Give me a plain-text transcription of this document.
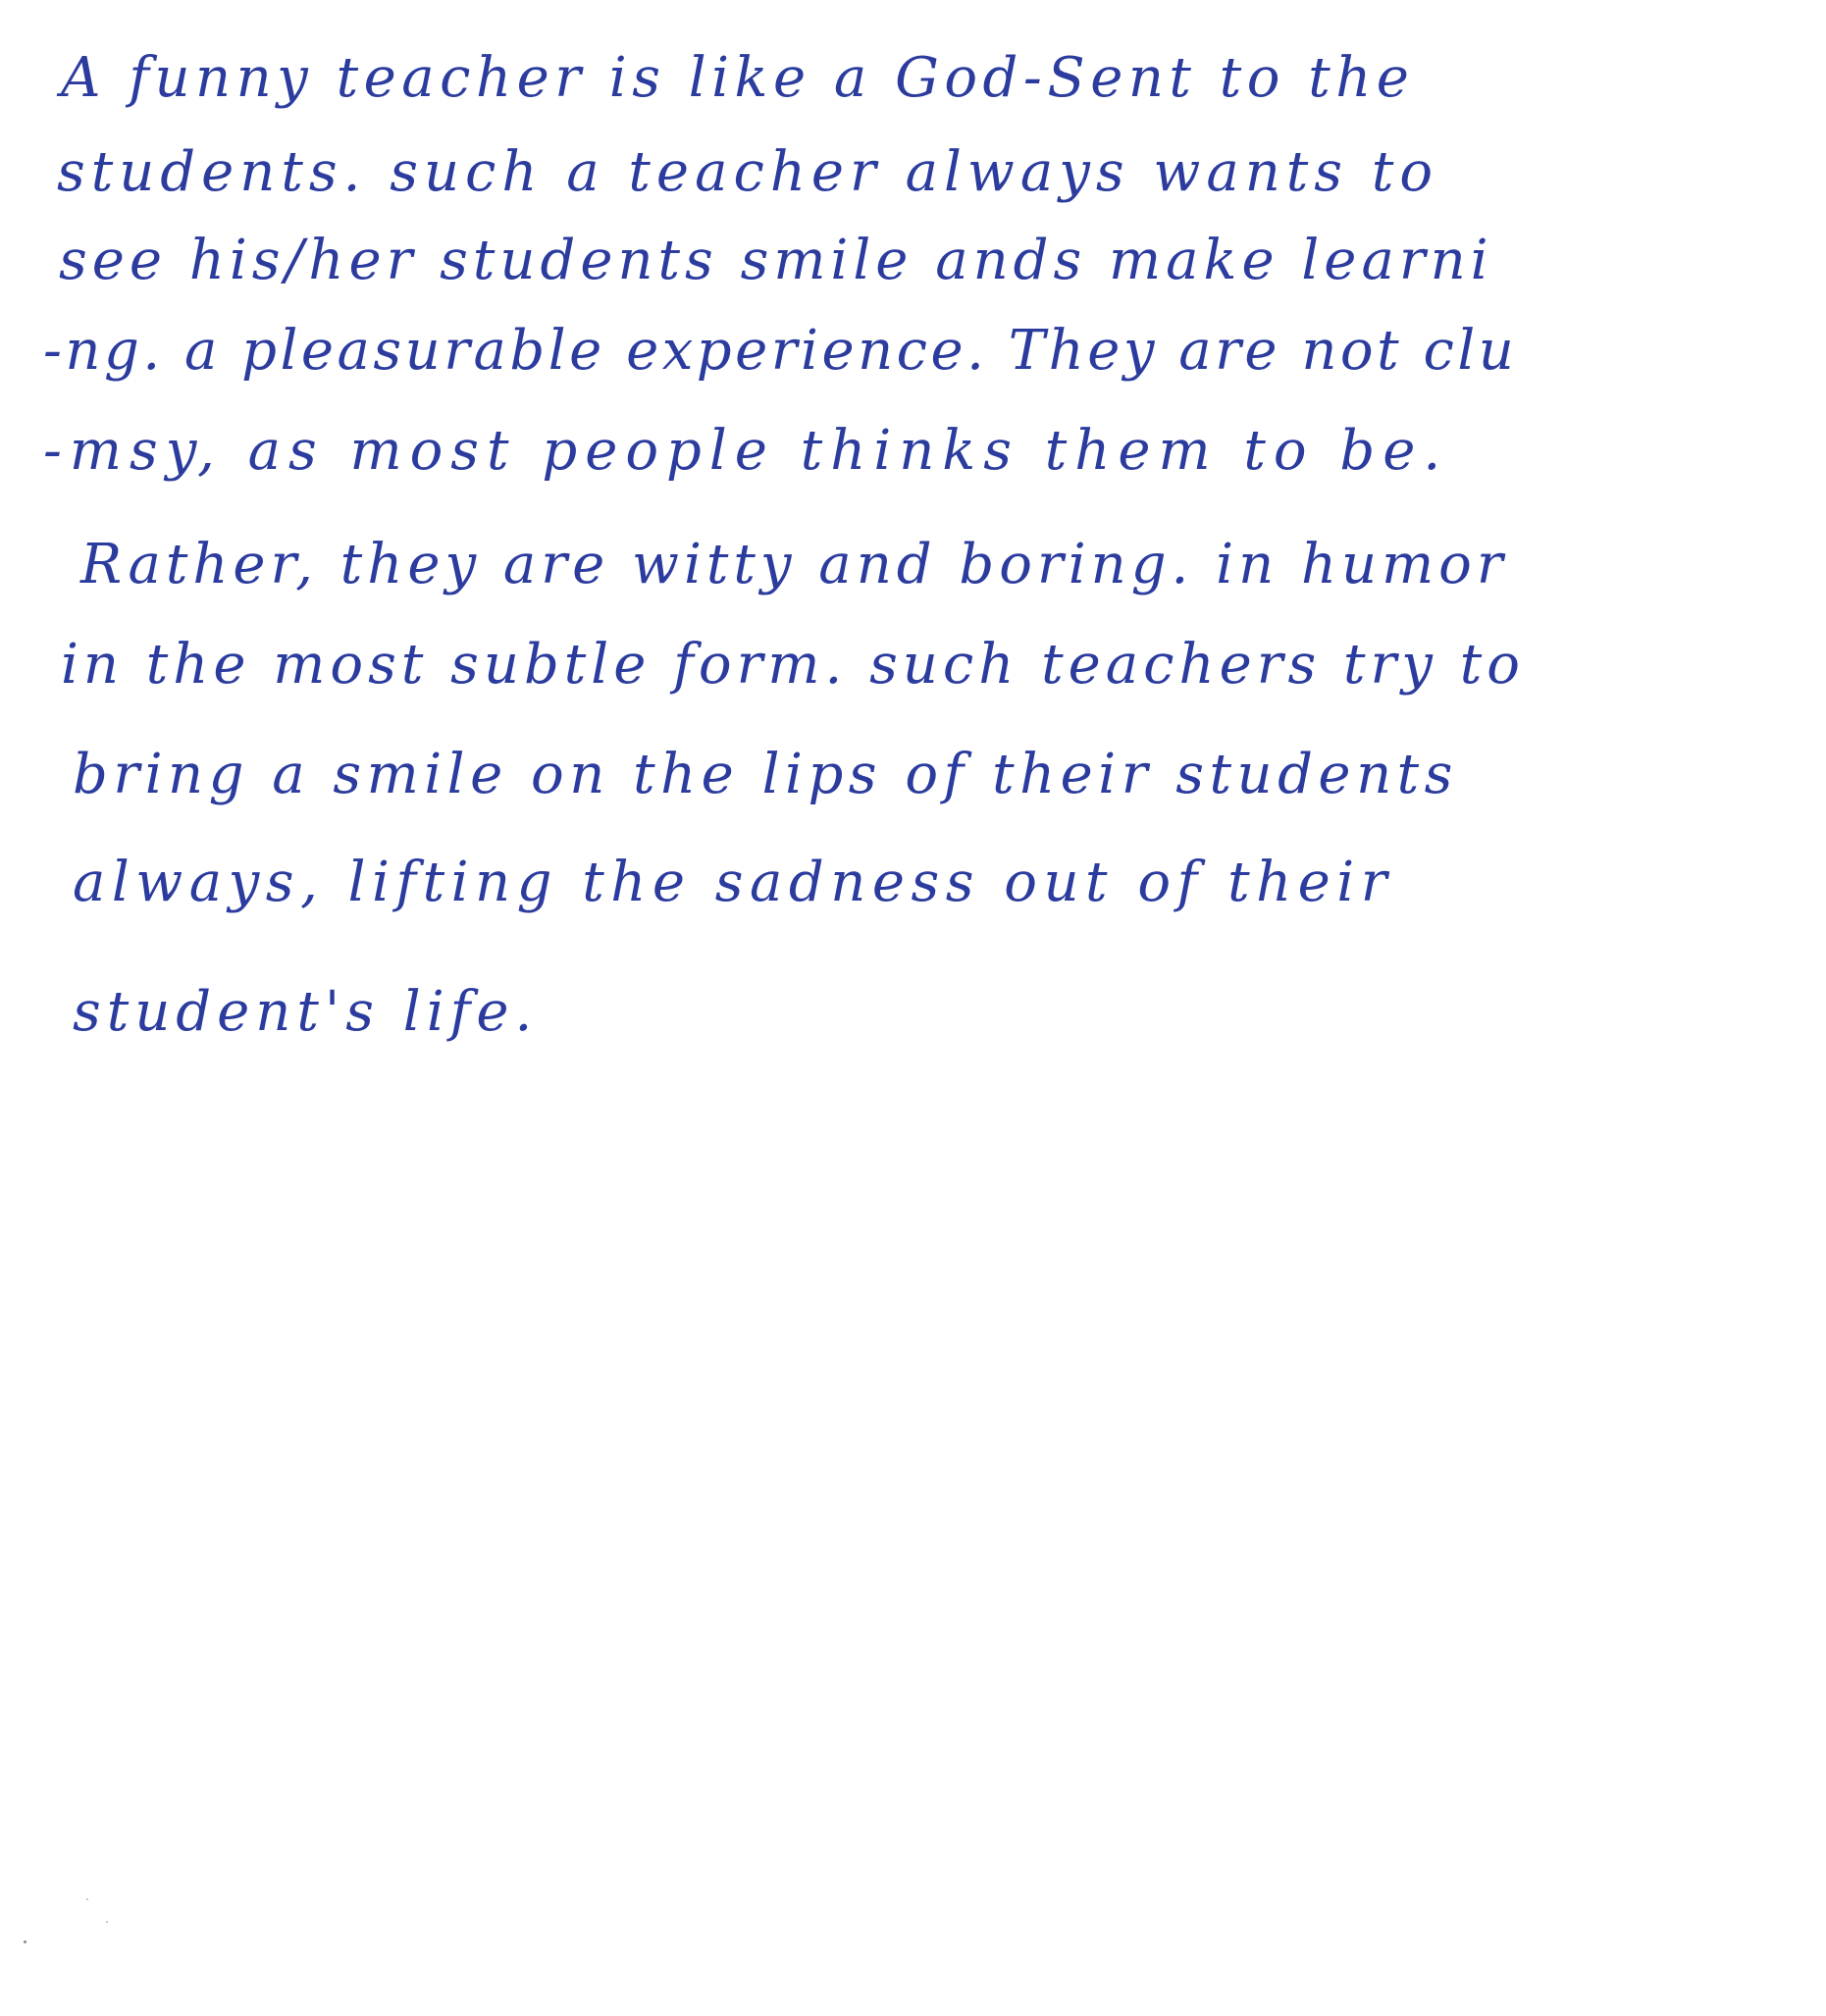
A funny teacher is like a God-Sent to the
students. such a teacher always wants to
see his/her students smile ands make learni
-ng. a pleasurable experience. They are not clu
-msy, as most people thinks them to be.
Rather, they are witty and boring. in humor
in the most subtle form. such teachers try to
bring a smile on the lips of their students
always, lifting the sadness out of their
student's life.
